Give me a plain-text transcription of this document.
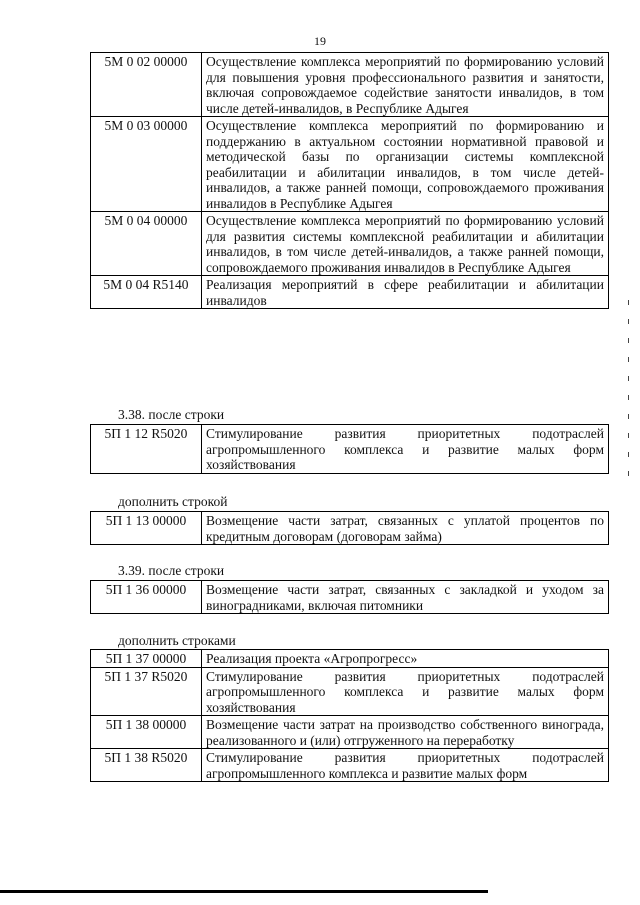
19
5М 0 02 00000	Осуществление комплекса мероприятий по формированию условий для повышения уровня профессионального развития и занятости, включая сопровождаемое содействие занятости инвалидов, в том числе детей-инвалидов, в Республике Адыгея
5М 0 03 00000	Осуществление комплекса мероприятий по формированию и поддержанию в актуальном состоянии нормативной правовой и методической базы по организации системы комплексной реабилитации и абилитации инвалидов, в том числе детей-инвалидов, а также ранней помощи, сопровождаемого проживания инвалидов в Республике Адыгея
5М 0 04 00000	Осуществление комплекса мероприятий по формированию условий для развития системы комплексной реабилитации и абилитации инвалидов, в том числе детей-инвалидов, а также ранней помощи, сопровождаемого проживания инвалидов в Республике Адыгея
5М 0 04 R5140	Реализация мероприятий в сфере реабилитации и абилитации инвалидов
3.38. после строки
5П 1 12 R5020	Стимулирование развития приоритетных подотраслей агропромышленного комплекса и развитие малых форм хозяйствования
дополнить строкой
5П 1 13 00000	Возмещение части затрат, связанных с уплатой процентов по кредитным договорам (договорам займа)
3.39. после строки
5П 1 36 00000	Возмещение части затрат, связанных с закладкой и уходом за виноградниками, включая питомники
дополнить строками
5П 1 37 00000	Реализация проекта «Агропрогресс»
5П 1 37 R5020	Стимулирование развития приоритетных подотраслей агропромышленного комплекса и развитие малых форм хозяйствования
5П 1 38 00000	Возмещение части затрат на производство собственного винограда, реализованного и (или) отгруженного на переработку
5П 1 38 R5020	Стимулирование развития приоритетных подотраслей агропромышленного комплекса и развитие малых форм
